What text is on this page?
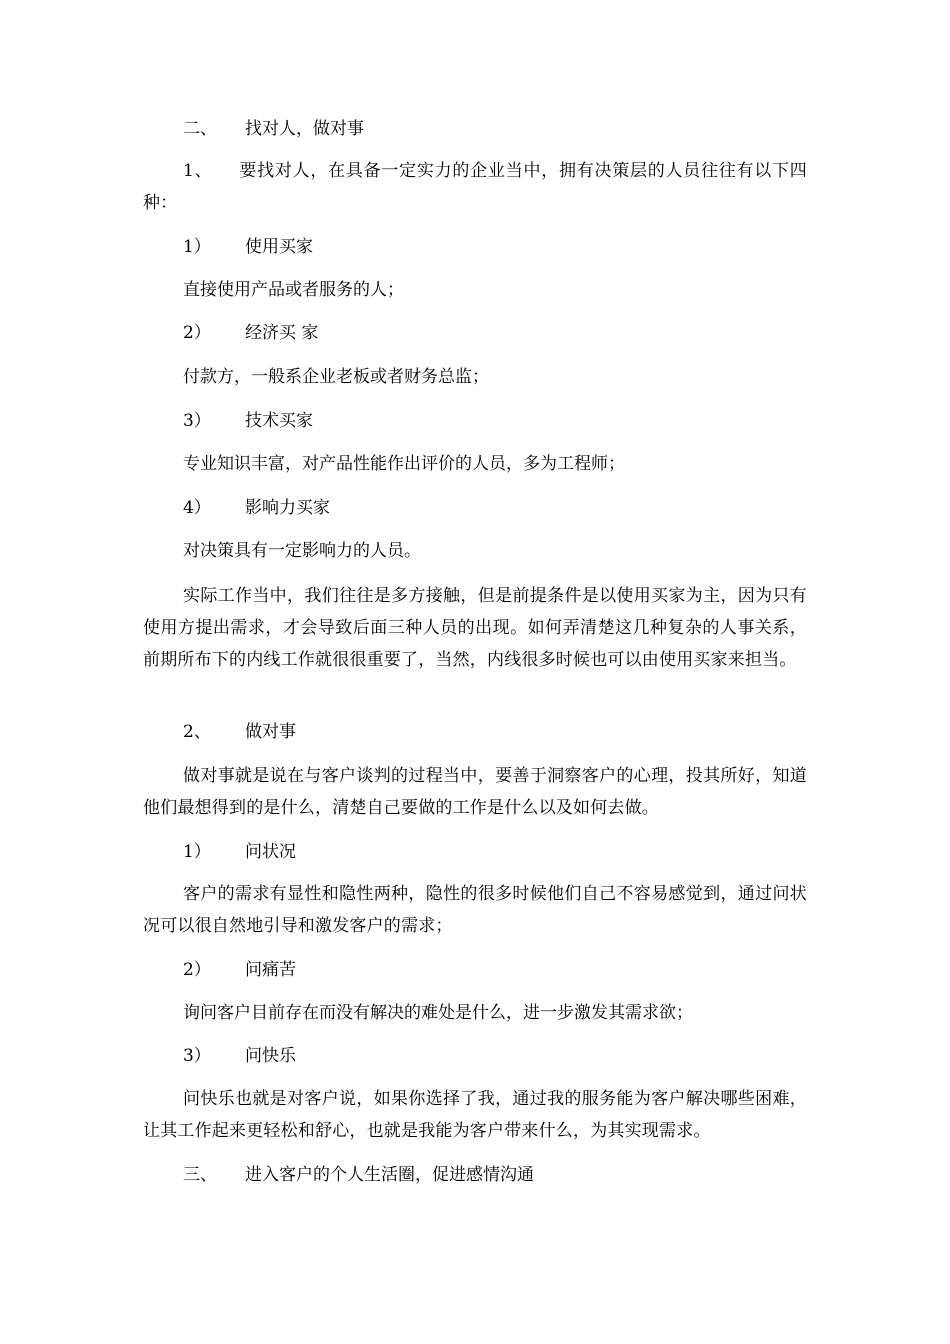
二、 找对人，做对事
1、　　要找对人，在具备一定实力的企业当中，拥有决策层的人员往往有以下四种：
1） 使用买家
直接使用产品或者服务的人；
2） 经济买 家
付款方，一般系企业老板或者财务总监；
3） 技术买家
专业知识丰富，对产品性能作出评价的人员，多为工程师；
4） 影响力买家
对决策具有一定影响力的人员。
实际工作当中，我们往往是多方接触，但是前提条件是以使用买家为主，因为只有使用方提出需求，才会导致后面三种人员的出现。如何弄清楚这几种复杂的人事关系，前期所布下的内线工作就很很重要了，当然，内线很多时候也可以由使用买家来担当。
2、 做对事
做对事就是说在与客户谈判的过程当中，要善于洞察客户的心理，投其所好，知道他们最想得到的是什么，清楚自己要做的工作是什么以及如何去做。
1） 问状况
客户的需求有显性和隐性两种，隐性的很多时候他们自己不容易感觉到，通过问状况可以很自然地引导和激发客户的需求；
2） 问痛苦
询问客户目前存在而没有解决的难处是什么，进一步激发其需求欲；
3） 问快乐
问快乐也就是对客户说，如果你选择了我，通过我的服务能为客户解决哪些困难，让其工作起来更轻松和舒心，也就是我能为客户带来什么，为其实现需求。
三、 进入客户的个人生活圈，促进感情沟通
